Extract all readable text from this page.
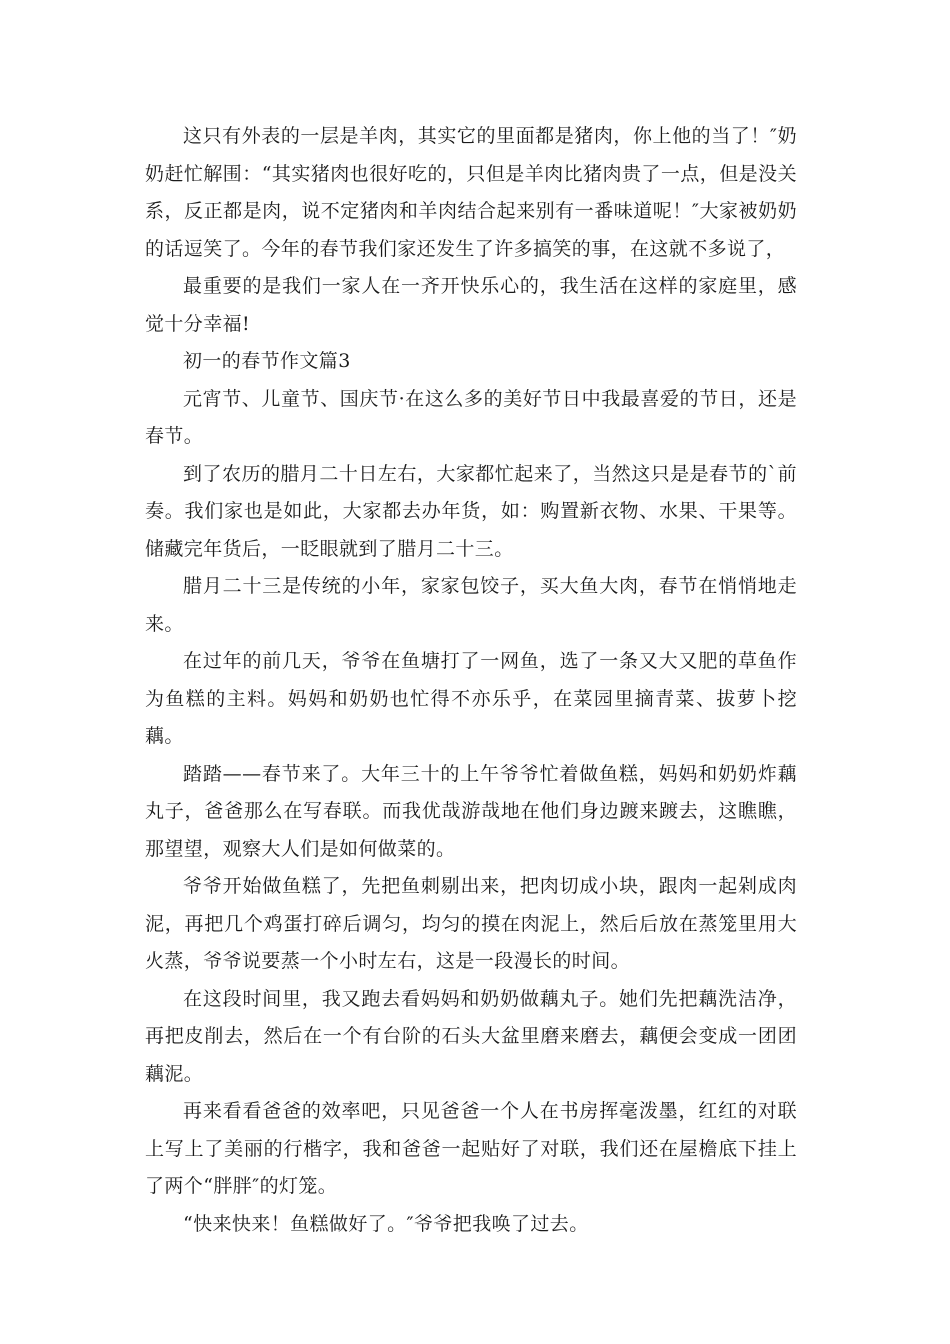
这只有外表的一层是羊肉，其实它的里面都是猪肉，你上他的当了！″奶奶赶忙解围：“其实猪肉也很好吃的，只但是羊肉比猪肉贵了一点，但是没关系，反正都是肉，说不定猪肉和羊肉结合起来别有一番味道呢！″大家被奶奶的话逗笑了。今年的春节我们家还发生了许多搞笑的事，在这就不多说了，

最重要的是我们一家人在一齐开快乐心的，我生活在这样的家庭里，感觉十分幸福!

初一的春节作文篇3

元宵节、儿童节、国庆节·在这么多的美好节日中我最喜爱的节日，还是春节。

到了农历的腊月二十日左右，大家都忙起来了，当然这只是是春节的`前奏。我们家也是如此，大家都去办年货，如：购置新衣物、水果、干果等。储藏完年货后，一眨眼就到了腊月二十三。

腊月二十三是传统的小年，家家包饺子，买大鱼大肉，春节在悄悄地走来。

在过年的前几天，爷爷在鱼塘打了一网鱼，选了一条又大又肥的草鱼作为鱼糕的主料。妈妈和奶奶也忙得不亦乐乎，在菜园里摘青菜、拔萝卜挖藕。

踏踏——春节来了。大年三十的上午爷爷忙着做鱼糕，妈妈和奶奶炸藕丸子，爸爸那么在写春联。而我优哉游哉地在他们身边踱来踱去，这瞧瞧，那望望，观察大人们是如何做菜的。

爷爷开始做鱼糕了，先把鱼刺剔出来，把肉切成小块，跟肉一起剁成肉泥，再把几个鸡蛋打碎后调匀，均匀的摸在肉泥上，然后后放在蒸笼里用大火蒸，爷爷说要蒸一个小时左右，这是一段漫长的时间。

在这段时间里，我又跑去看妈妈和奶奶做藕丸子。她们先把藕洗洁净，再把皮削去，然后在一个有台阶的石头大盆里磨来磨去，藕便会变成一团团藕泥。

再来看看爸爸的效率吧，只见爸爸一个人在书房挥毫泼墨，红红的对联上写上了美丽的行楷字，我和爸爸一起贴好了对联，我们还在屋檐底下挂上了两个“胖胖″的灯笼。

“快来快来！鱼糕做好了。″爷爷把我唤了过去。
